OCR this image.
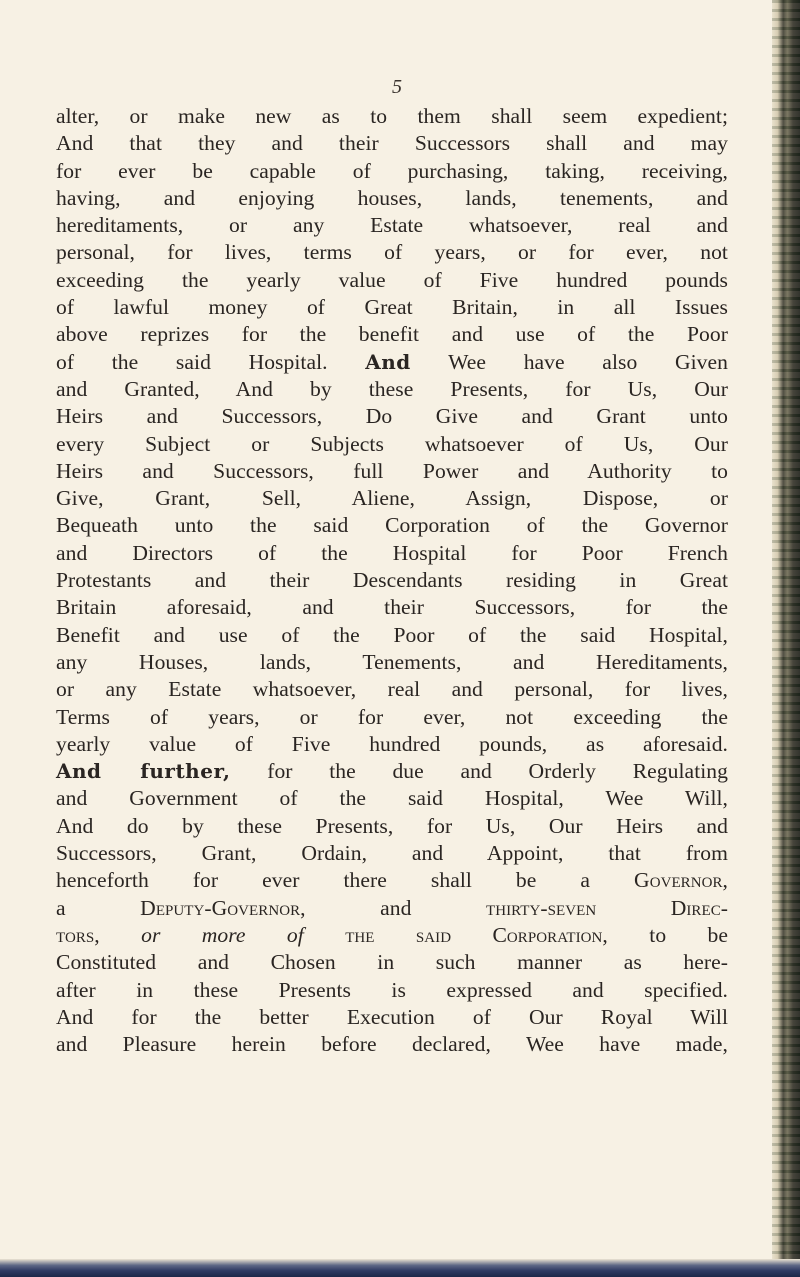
5
alter, or make new as to them shall seem expedient;
And that they and their Successors shall and may
for ever be capable of purchasing, taking, receiving,
having, and enjoying houses, lands, tenements, and
hereditaments, or any Estate whatsoever, real and
personal, for lives, terms of years, or for ever, not
exceeding the yearly value of Five hundred pounds
of lawful money of Great Britain, in all Issues
above reprizes for the benefit and use of the Poor
of the said Hospital. And Wee have also Given
and Granted, And by these Presents, for Us, Our
Heirs and Successors, Do Give and Grant unto
every Subject or Subjects whatsoever of Us, Our
Heirs and Successors, full Power and Authority to
Give, Grant, Sell, Aliene, Assign, Dispose, or
Bequeath unto the said Corporation of the Governor
and Directors of the Hospital for Poor French
Protestants and their Descendants residing in Great
Britain aforesaid, and their Successors, for the
Benefit and use of the Poor of the said Hospital,
any Houses, lands, Tenements, and Hereditaments,
or any Estate whatsoever, real and personal, for lives,
Terms of years, or for ever, not exceeding the
yearly value of Five hundred pounds, as aforesaid.
And further, for the due and Orderly Regulating
and Government of the said Hospital, Wee Will,
And do by these Presents, for Us, Our Heirs and
Successors, Grant, Ordain, and Appoint, that from
henceforth for ever there shall be a Governor,
a	Deputy-Governor,	and	thirty-seven	Direc-
tors, or more of the said Corporation, to be
Constituted and Chosen in such manner as here-
after in these Presents is expressed and specified.
And for the better Execution of Our Royal Will
and Pleasure herein before declared, Wee have made,
